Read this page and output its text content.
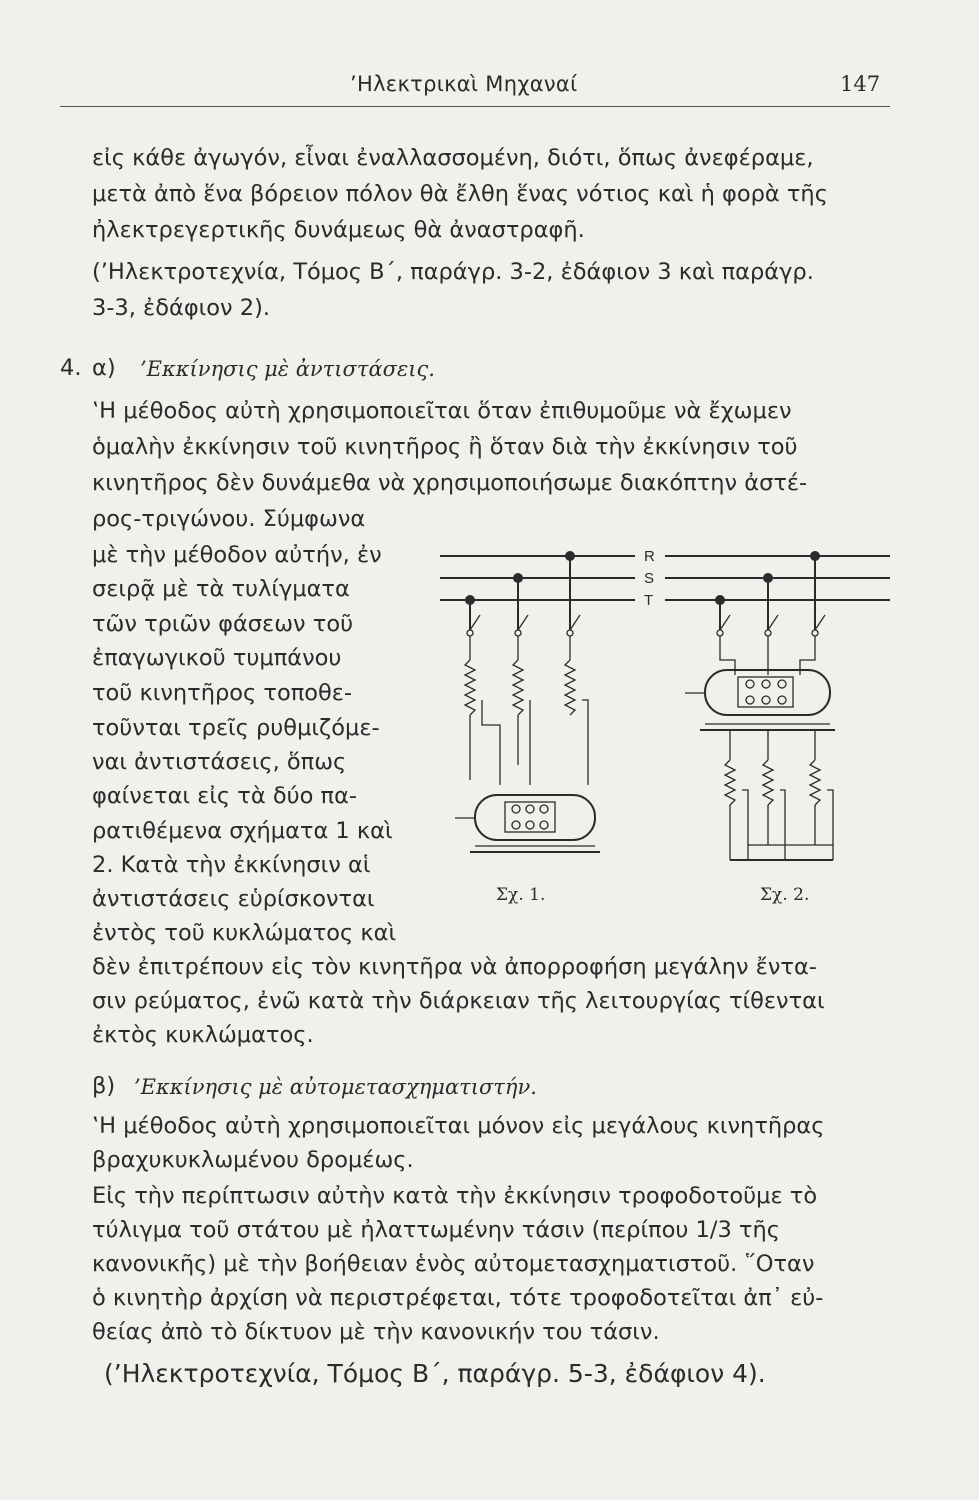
’Ηλεκτρικαὶ Μηχαναί	147
εἰς κάθε ἀγωγόν, εἶναι ἐναλλασσομένη, διότι, ὅπως ἀνεφέραμε,
μετὰ ἀπὸ ἕνα βόρειον πόλον θὰ ἔλθη ἕνας νότιος καὶ ἡ φορὰ τῆς
ἠλεκτρεγερτικῆς δυνάμεως θὰ ἀναστραφῆ.
(’Ηλεκτροτεχνία, Τόμος Β΄, παράγρ. 3-2, ἐδάφιον 3 καὶ παράγρ.
3-3, ἐδάφιον 2).
4. α) ’Εκκίνησις μὲ ἀντιστάσεις.
‛Η μέθοδος αὐτὴ χρησιμοποιεῖται ὅταν ἐπιθυμοῦμε νὰ ἔχωμεν
ὁμαλὴν ἐκκίνησιν τοῦ κινητῆρος ἢ ὅταν διὰ τὴν ἐκκίνησιν τοῦ
κινητῆρος δὲν δυνάμεθα νὰ χρησιμοποιήσωμε διακόπτην ἀστέ-
ρος-τριγώνου. Σύμφωνα
μὲ τὴν μέθοδον αὐτήν, ἐν
σειρᾷ μὲ τὰ τυλίγματα
τῶν τριῶν φάσεων τοῦ
ἐπαγωγικοῦ τυμπάνου
τοῦ κινητῆρος τοποθε-
τοῦνται τρεῖς ρυθμιζόμε-
ναι ἀντιστάσεις, ὅπως
φαίνεται εἰς τὰ δύο πα-
ρατιθέμενα σχήματα 1 καὶ
2. Κατὰ τὴν ἐκκίνησιν αἱ
ἀντιστάσεις εὑρίσκονται
ἐντὸς τοῦ κυκλώματος καὶ
δὲν ἐπιτρέπουν εἰς τὸν κινητῆρα νὰ ἀπορροφήση μεγάλην ἔντα-
σιν ρεύματος, ἐνῶ κατὰ τὴν διάρκειαν τῆς λειτουργίας τίθενται
ἐκτὸς κυκλώματος.
β) ’Εκκίνησις μὲ αὐτομετασχηματιστήν.
‛Η μέθοδος αὐτὴ χρησιμοποιεῖται μόνον εἰς μεγάλους κινητῆρας
βραχυκυκλωμένου δρομέως.
Εἰς τὴν περίπτωσιν αὐτὴν κατὰ τὴν ἐκκίνησιν τροφοδοτοῦμε τὸ
τύλιγμα τοῦ στάτου μὲ ἠλαττωμένην τάσιν (περίπου 1/3 τῆς
κανονικῆς) μὲ τὴν βοήθειαν ἑνὸς αὐτομετασχηματιστοῦ. ῞Οταν
ὁ κινητὴρ ἀρχίση νὰ περιστρέφεται, τότε τροφοδοτεῖται ἀπ᾿ εὐ-
θείας ἀπὸ τὸ δίκτυον μὲ τὴν κανονικήν του τάσιν.
(’Ηλεκτροτεχνία, Τόμος Β΄, παράγρ. 5-3, ἐδάφιον 4).
Σχ. 1.	Σχ. 2.
R
S
T
